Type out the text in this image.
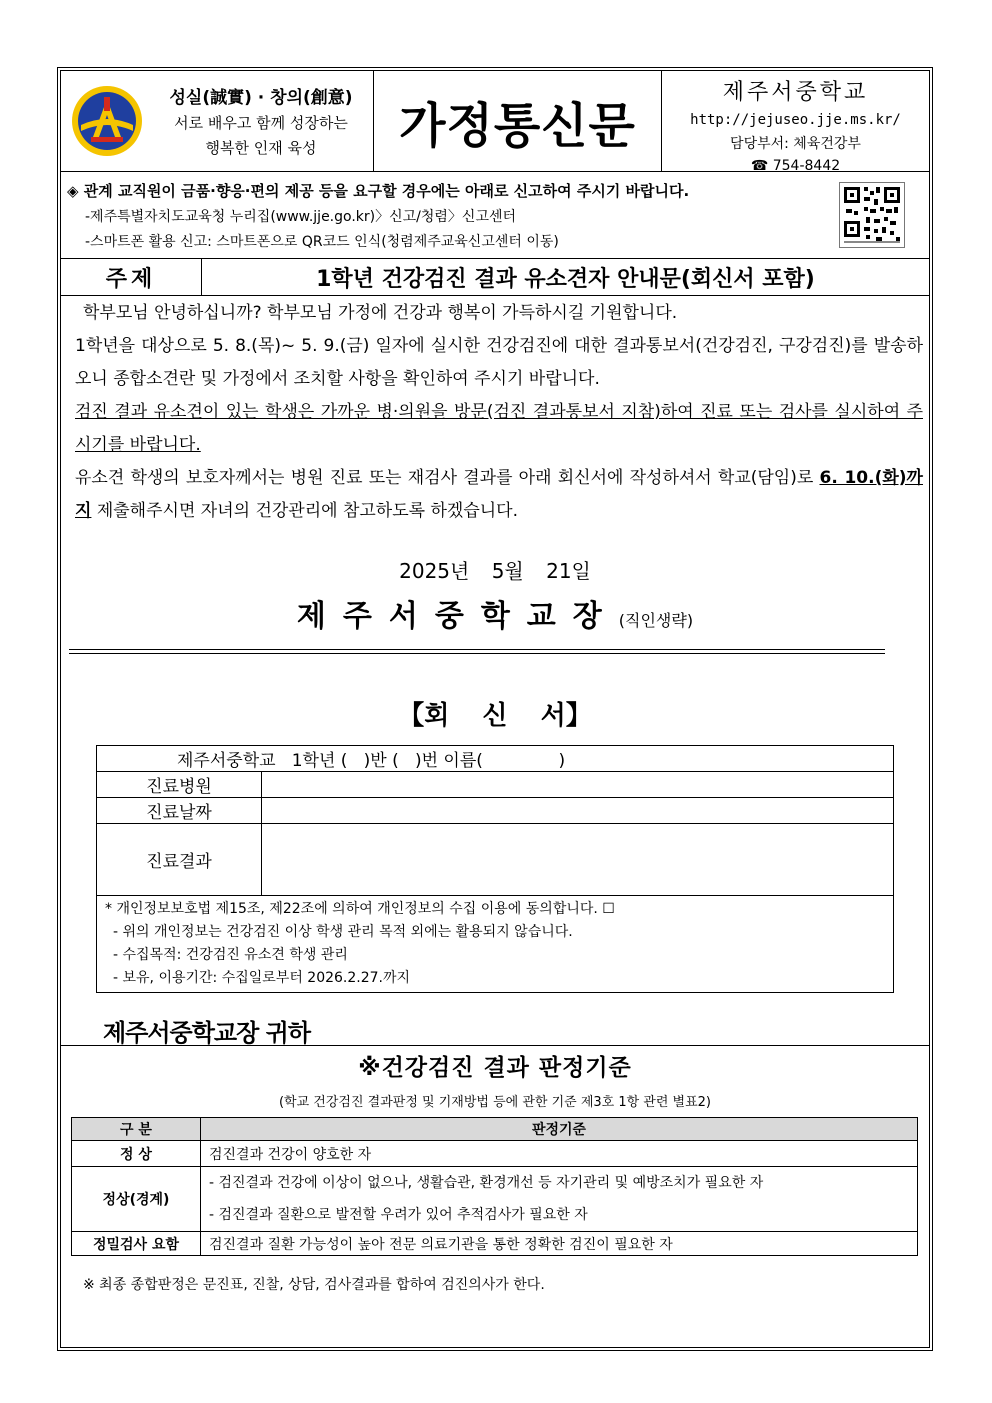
성실(誠實) · 창의(創意)
서로 배우고 함께 성장하는
행복한 인재 육성	가정통신문
제주서중학교
http://jejuseo.jje.ms.kr/
담당부서: 체육건강부
☎ 754-8442
◈ 관계 교직원이 금품·향응·편의 제공 등을 요구할 경우에는 아래로 신고하여 주시기 바랍니다.
-제주특별자치도교육청 누리집(www.jje.go.kr)〉신고/청렴〉신고센터
-스마트폰 활용 신고: 스마트폰으로 QR코드 인식(청렴제주교육신고센터 이동)
주제	1학년 건강검진 결과 유소견자 안내문(회신서 포함)

학부모님 안녕하십니까? 학부모님 가정에 건강과 행복이 가득하시길 기원합니다.

1학년을 대상으로 5. 8.(목)~ 5. 9.(금) 일자에 실시한 건강검진에 대한 결과통보서(건강검진, 구강검진)를 발송하오니 종합소견란 및 가정에서 조치할 사항을 확인하여 주시기 바랍니다.

검진 결과 유소견이 있는 학생은 가까운 병·의원을 방문(검진 결과통보서 지참)하여 진료 또는 검사를 실시하여 주시기를 바랍니다.

유소견 학생의 보호자께서는 병원 진료 또는 재검사 결과를 아래 회신서에 작성하셔서 학교(담임)로 6. 10.(화)까지 제출해주시면 자녀의 건강관리에 참고하도록 하겠습니다.

2025년 5월 21일
제주서중학교장(직인생략)
【회 신 서】
제주서중학교   1학년 (   )반 (   )번 이름(              )	
진료병원	
진료날짜	
진료결과	

* 개인정보보호법 제15조, 제22조에 의하여 개인정보의 수집 이용에 동의합니다. ☐
- 위의 개인정보는 건강검진 이상 학생 관리 목적 외에는 활용되지 않습니다.
- 수집목적: 건강검진 유소견 학생 관리
- 보유, 이용기간: 수집일로부터 2026.2.27.까지	
제주서중학교장 귀하
※건강검진 결과 판정기준
(학교 건강검진 결과판정 및 기재방법 등에 관한 기준 제3호 1항 관련 별표2)
구 분	판정기준
정 상	검진결과 건강이 양호한 자
정상(경계)	- 검진결과 건강에 이상이 없으나, 생활습관, 환경개선 등 자기관리 및 예방조치가 필요한 자
- 검진결과 질환으로 발전할 우려가 있어 추적검사가 필요한 자

정밀검사 요함	검진결과 질환 가능성이 높아 전문 의료기관을 통한 정확한 검진이 필요한 자
※ 최종 종합판정은 문진표, 진찰, 상담, 검사결과를 합하여 검진의사가 한다.
